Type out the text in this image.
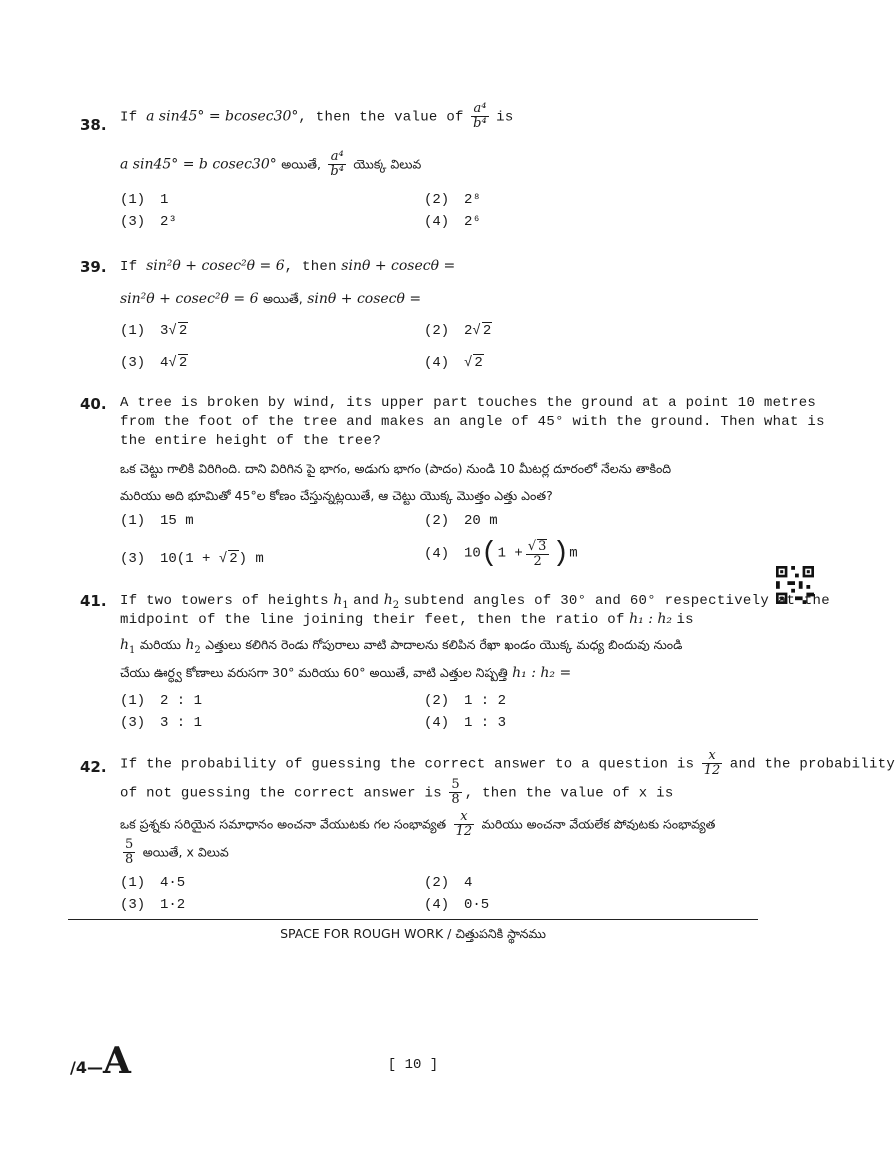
38. If a sin45° = bcosec30°, then the value of $\frac{\text{a⁴}}{\text{b⁴}}$ is
a sin45° = b cosec30° అయితే, $\frac{\text{a⁴}}{\text{b⁴}}$ యొక్క విలువ
(1) 1	(2) 2⁸
(3) 2³	(4) 2⁶
39. If sin²θ + cosec²θ = 6, then sinθ + cosecθ =
sin²θ + cosec²θ = 6 అయితే, sinθ + cosecθ =
(1) 3√ 2	(2) 2√ 2
(3) 4√ 2	(4) √ 2
40. A tree is broken by wind, its upper part touches the ground at a point 10 metres
from the foot of the tree and makes an angle of 45° with the ground. Then what is
the entire height of the tree?
ఒక చెట్టు గాలికి విరిగింది. దాని విరిగిన పై భాగం, అడుగు భాగం (పాదం) నుండి 10 మీటర్ల దూరంలో నేలను తాకింది
మరియు అది భూమితో 45°ల కోణం చేస్తున్నట్లయితే, ఆ చెట్టు యొక్క మొత్తం ఎత్తు ఎంత?
(1) 15 m	(2) 20 m
(3) 10(1 + √ 2) m	(4) $10(1 + \frac{√ 3}{2} )m$
41. If two towers of heights $h_1$ and $h_2$ subtend angles of 30° and 60° respectively at the
midpoint of the line joining their feet, then the ratio of h₁ : h₂ is
$h_1$ మరియు $h_2$ ఎత్తులు కలిగిన రెండు గోపురాలు వాటి పాదాలను కలిపిన రేఖా ఖండం యొక్క మధ్య బిందువు నుండి
చేయు ఊర్ధ్వ కోణాలు వరుసగా 30° మరియు 60° అయితే, వాటి ఎత్తుల నిష్పత్తి h₁ : h₂ =
(1) 2 : 1	(2) 1 : 2
(3) 3 : 1	(4) 1 : 3
42. If the probability of guessing the correct answer to a question is $\frac{x}{12}$ and the probability
of not guessing the correct answer is $\frac{5}{8}$ , then the value of x is
ఒక ప్రశ్నకు సరియైన సమాధానం అంచనా వేయుటకు గల సంభావ్యత $\frac{x}{12}$ మరియు అంచనా వేయలేక పోవుటకు సంభావ్యత
$\frac{5}{8}$ అయితే, x విలువ
(1) 4·5	(2) 4
(3) 1·2	(4) 0·5
SPACE FOR ROUGH WORK / చిత్తుపనికి స్థానము
/4—A	[ 10 ]
